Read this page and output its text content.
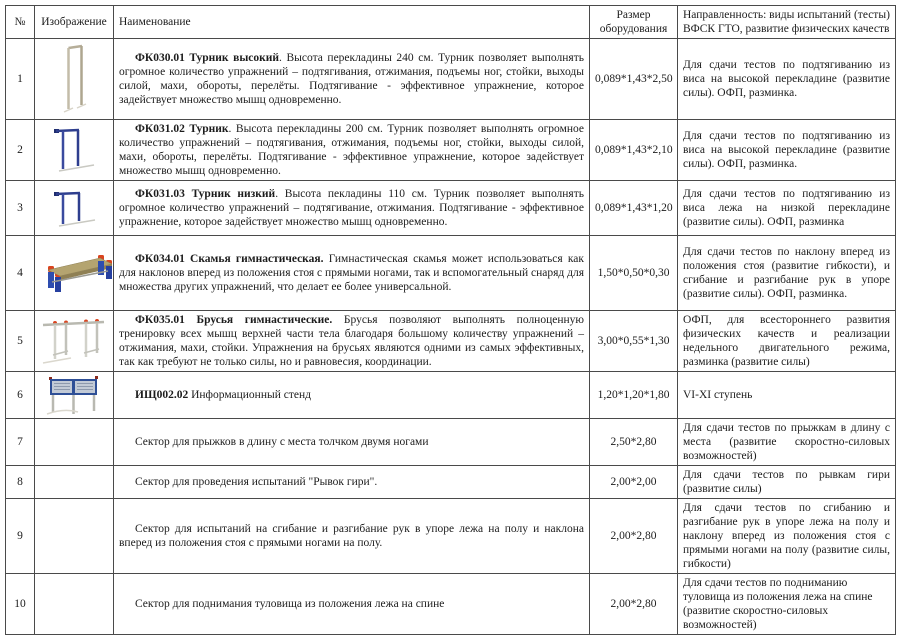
№	Изображение	Наименование	Размер оборудования	Направленность: виды испытаний (тесты) ВФСК ГТО, развитие физических качеств
1		ФК030.01 Турник высокий. Высота перекладины 240 см. Турник позволяет выполнять огромное количество упражнений – подтягивания, отжимания, подъемы ног, стойки, выходы силой, махи, обороты, перелёты. Подтягивание - эффективное упражнение, которое задействует множество мышц одновременно.	0,089*1,43*2,50	Для сдачи тестов по подтягиванию из виса на высокой перекладине (развитие силы). ОФП, разминка.
2		ФК031.02 Турник. Высота перекладины 200 см. Турник позволяет выполнять огромное количество упражнений – подтягивания, отжимания, подъемы ног, стойки, выходы силой, махи, обороты, перелёты. Подтягивание - эффективное упражнение, которое задействует множество мышц одновременно.	0,089*1,43*2,10	Для сдачи тестов по подтягиванию из виса на высокой перекладине (развитие силы). ОФП, разминка.
3		ФК031.03 Турник низкий. Высота пекладины 110 см. Турник позволяет выполнять огромное количество упражнений – подтягивание, отжимания. Подтягивание - эффективное упражнение, которое задействует множество мышц одновременно.	0,089*1,43*1,20	Для сдачи тестов по подтягиванию из виса лежа на низкой перекладине (развитие силы). ОФП, разминка
4		ФК034.01 Скамья гимнастическая. Гимнастическая скамья может использоваться как для наклонов вперед из положения стоя с прямыми ногами, так и вспомогательный снаряд для множества других упражнений, что делает ее более универсальной.	1,50*0,50*0,30	Для сдачи тестов по наклону вперед из положения стоя (развитие гибкости), и сгибание и разгибание рук в упоре (развитие силы). ОФП, разминка.
5		ФК035.01 Брусья гимнастические. Брусья позволяют выполнять полноценную тренировку всех мышц верхней части тела благодаря большому количеству упражнений – отжимания, махи, стойки. Упражнения на брусьях являются одними из самых эффективных, так как требуют не только силы, но и равновесия, координации.	3,00*0,55*1,30	ОФП, для всестороннего развития физических качеств и реализации недельного двигательного режима, разминка (развитие силы)
6		ИЩ002.02 Информационный стенд	1,20*1,20*1,80	VI-XI ступень
7		Сектор для прыжков в длину с места толчком двумя ногами	2,50*2,80	Для сдачи тестов по прыжкам в длину с места (развитие скоростно-силовых возможностей)
8		Сектор для проведения испытаний "Рывок гири".	2,00*2,00	Для сдачи тестов по рывкам гири (развитие силы)
9		Сектор для испытаний на сгибание и разгибание рук в упоре лежа на полу и наклона вперед из положения стоя с прямыми ногами на полу.	2,00*2,80	Для сдачи тестов по сгибанию и разгибание рук в упоре лежа на полу и наклону вперед из положения стоя с прямыми ногами на полу (развитие силы, гибкости)
10		Сектор для поднимания туловища из положения лежа на спине	2,00*2,80	Для сдачи тестов по подниманию туловища из положения лежа на спине (развитие скоростно-силовых возможностей)
